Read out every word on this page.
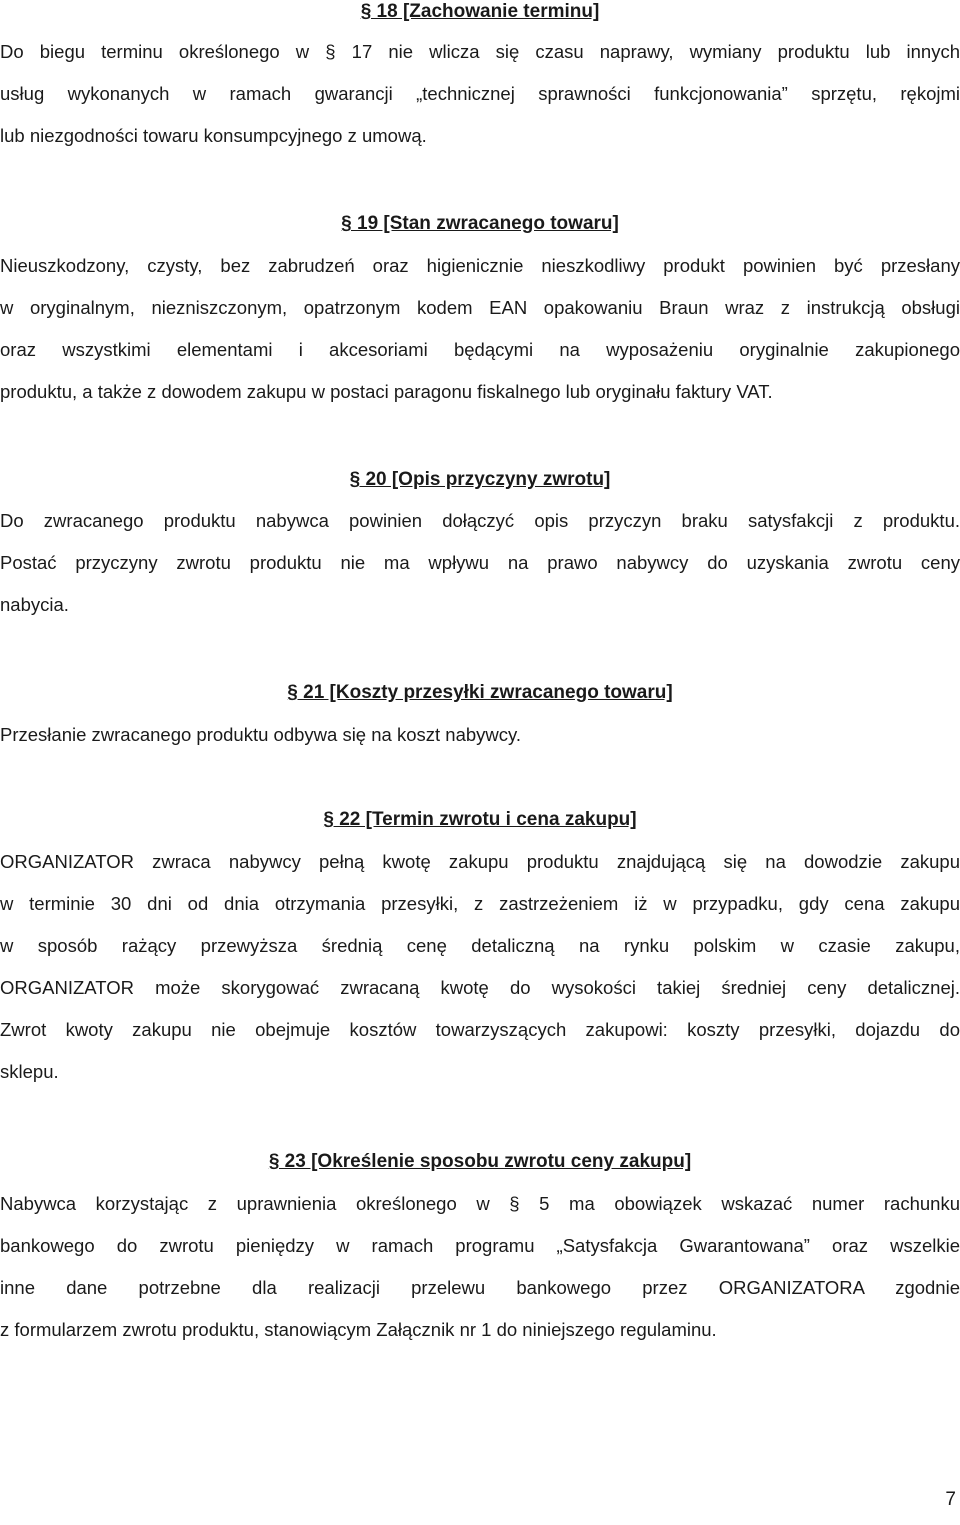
§ 18 [Zachowanie terminu]
Do biegu terminu określonego w § 17 nie wlicza się czasu naprawy, wymiany produktu lub innych
usług wykonanych w ramach gwarancji „technicznej sprawności funkcjonowania” sprzętu, rękojmi
lub niezgodności towaru konsumpcyjnego z umową.
§ 19 [Stan zwracanego towaru]
Nieuszkodzony, czysty, bez zabrudzeń oraz higienicznie nieszkodliwy produkt powinien być przesłany
w oryginalnym, niezniszczonym, opatrzonym kodem EAN opakowaniu Braun wraz z instrukcją obsługi
oraz wszystkimi elementami i akcesoriami będącymi na wyposażeniu oryginalnie zakupionego
produktu, a także z dowodem zakupu w postaci paragonu fiskalnego lub oryginału faktury VAT.
§ 20 [Opis przyczyny zwrotu]
Do zwracanego produktu nabywca powinien dołączyć opis przyczyn braku satysfakcji z produktu.
Postać przyczyny zwrotu produktu nie ma wpływu na prawo nabywcy do uzyskania zwrotu ceny
nabycia.
§ 21 [Koszty przesyłki zwracanego towaru]
Przesłanie zwracanego produktu odbywa się na koszt nabywcy.
§ 22 [Termin zwrotu i cena zakupu]
ORGANIZATOR zwraca nabywcy pełną kwotę zakupu produktu znajdującą się na dowodzie zakupu
w terminie 30 dni od dnia otrzymania przesyłki, z zastrzeżeniem iż w przypadku, gdy cena zakupu
w sposób rażący przewyższa średnią cenę detaliczną na rynku polskim w czasie zakupu,
ORGANIZATOR może skorygować zwracaną kwotę do wysokości takiej średniej ceny detalicznej.
Zwrot kwoty zakupu nie obejmuje kosztów towarzyszących zakupowi: koszty przesyłki, dojazdu do
sklepu.
§ 23 [Określenie sposobu zwrotu ceny zakupu]
Nabywca korzystając z uprawnienia określonego w § 5 ma obowiązek wskazać numer rachunku
bankowego do zwrotu pieniędzy w ramach programu „Satysfakcja Gwarantowana” oraz wszelkie
inne dane potrzebne dla realizacji przelewu bankowego przez ORGANIZATORA zgodnie
z formularzem zwrotu produktu, stanowiącym Załącznik nr 1 do niniejszego regulaminu.
7
